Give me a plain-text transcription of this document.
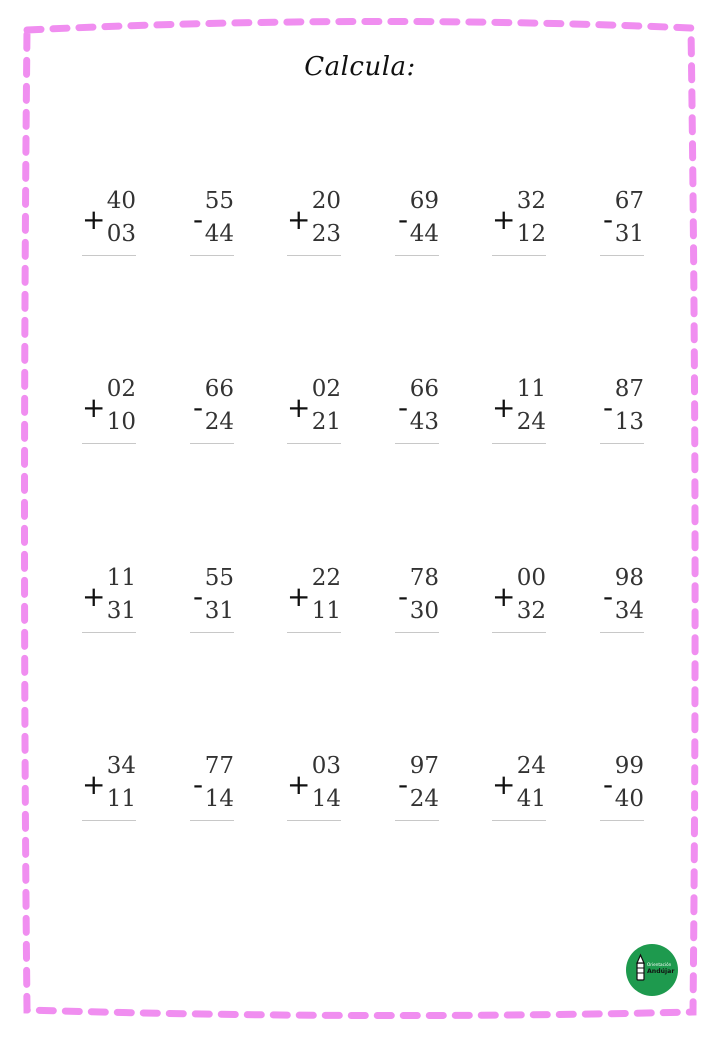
Calcula:
+
40
03 -
55
44 +
20
23 -
69
44 +
32
12 -
67
31
+
02
10 -
66
24 +
02
21 -
66
43 +
11
24 -
87
13
+
11
31 -
55
31 +
22
11 -
78
30 +
00
32 -
98
34
+
34
11 -
77
14 +
03
14 -
97
24 +
24
41 -
99
40
Orientación
Andújar
